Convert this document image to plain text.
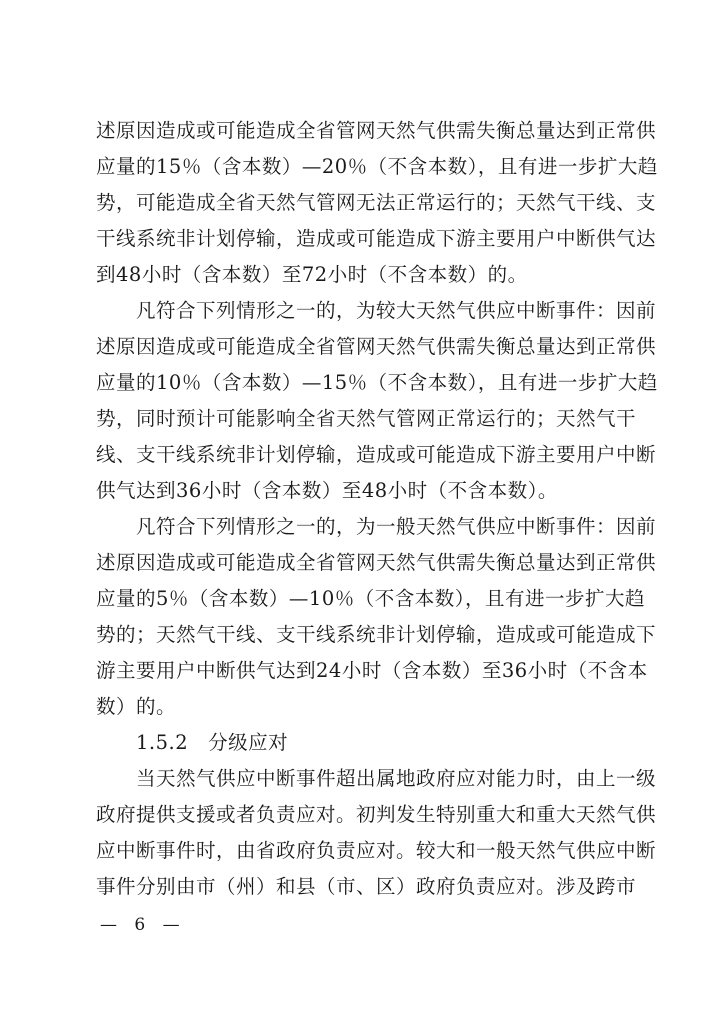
述原因造成或可能造成全省管网天然气供需失衡总量达到正常供
应量的15％（含本数）—20％（不含本数），且有进一步扩大趋
势，可能造成全省天然气管网无法正常运行的；天然气干线、支
干线系统非计划停输，造成或可能造成下游主要用户中断供气达
到48小时（含本数）至72小时（不含本数）的。
　　凡符合下列情形之一的，为较大天然气供应中断事件：因前
述原因造成或可能造成全省管网天然气供需失衡总量达到正常供
应量的10％（含本数）—15％（不含本数），且有进一步扩大趋
势，同时预计可能影响全省天然气管网正常运行的；天然气干
线、支干线系统非计划停输，造成或可能造成下游主要用户中断
供气达到36小时（含本数）至48小时（不含本数）。
　　凡符合下列情形之一的，为一般天然气供应中断事件：因前
述原因造成或可能造成全省管网天然气供需失衡总量达到正常供
应量的5％（含本数）—10％（不含本数），且有进一步扩大趋
势的；天然气干线、支干线系统非计划停输，造成或可能造成下
游主要用户中断供气达到24小时（含本数）至36小时（不含本
数）的。
　　1.5.2　分级应对
　　当天然气供应中断事件超出属地政府应对能力时，由上一级
政府提供支援或者负责应对。初判发生特别重大和重大天然气供
应中断事件时，由省政府负责应对。较大和一般天然气供应中断
事件分别由市（州）和县（市、区）政府负责应对。涉及跨市
— 6 —
